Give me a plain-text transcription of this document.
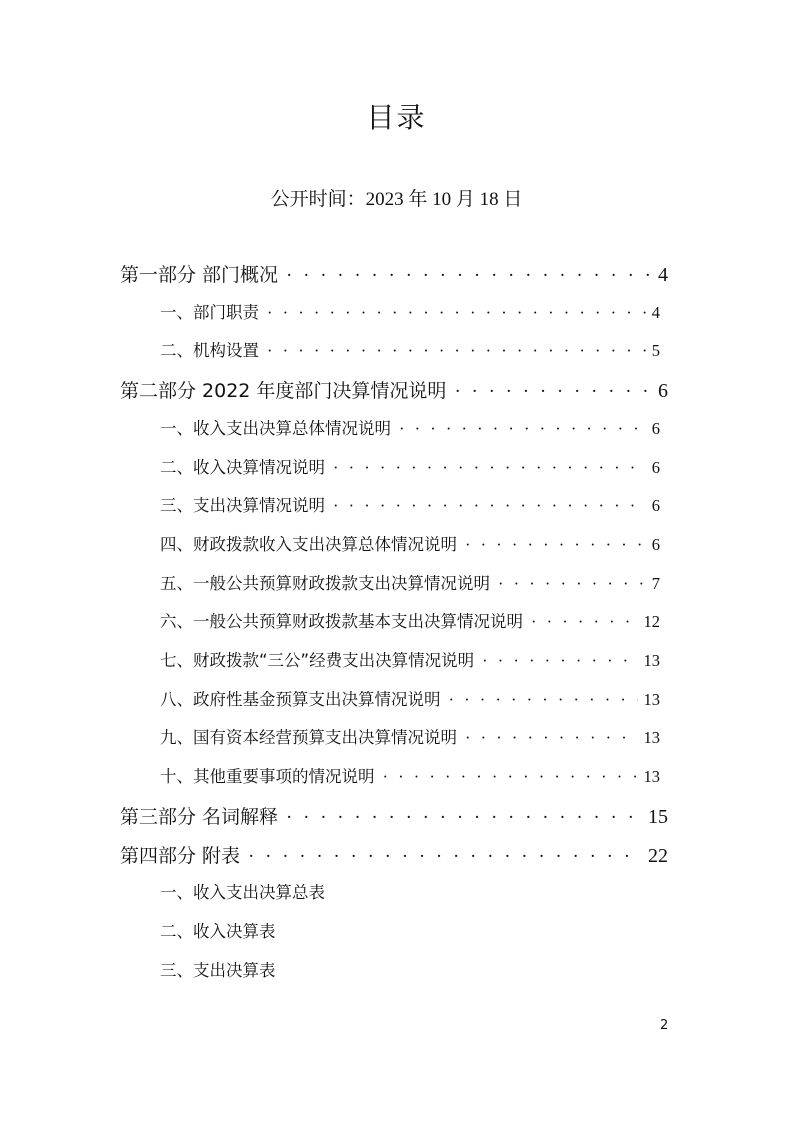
目录
公开时间：2023 年 10 月 18 日
第一部分 部门概况 · · ·	4
一、部门职责 · · ·	4
二、机构设置 · · ·	5
第二部分 2022 年度部门决算情况说明 · · ·	6
一、收入支出决算总体情况说明 · · ·	6
二、收入决算情况说明 · · ·	6
三、支出决算情况说明 · · ·	6
四、财政拨款收入支出决算总体情况说明 · · ·	6
五、一般公共预算财政拨款支出决算情况说明 · · ·	7
六、一般公共预算财政拨款基本支出决算情况说明 · · ·	12
七、财政拨款“三公”经费支出决算情况说明 · · ·	13
八、政府性基金预算支出决算情况说明 · · ·	13
九、国有资本经营预算支出决算情况说明 · · ·	13
十、其他重要事项的情况说明 · · ·	13
第三部分 名词解释 · · ·	15
第四部分 附表 · · ·	22
一、收入支出决算总表
二、收入决算表
三、支出决算表
2
